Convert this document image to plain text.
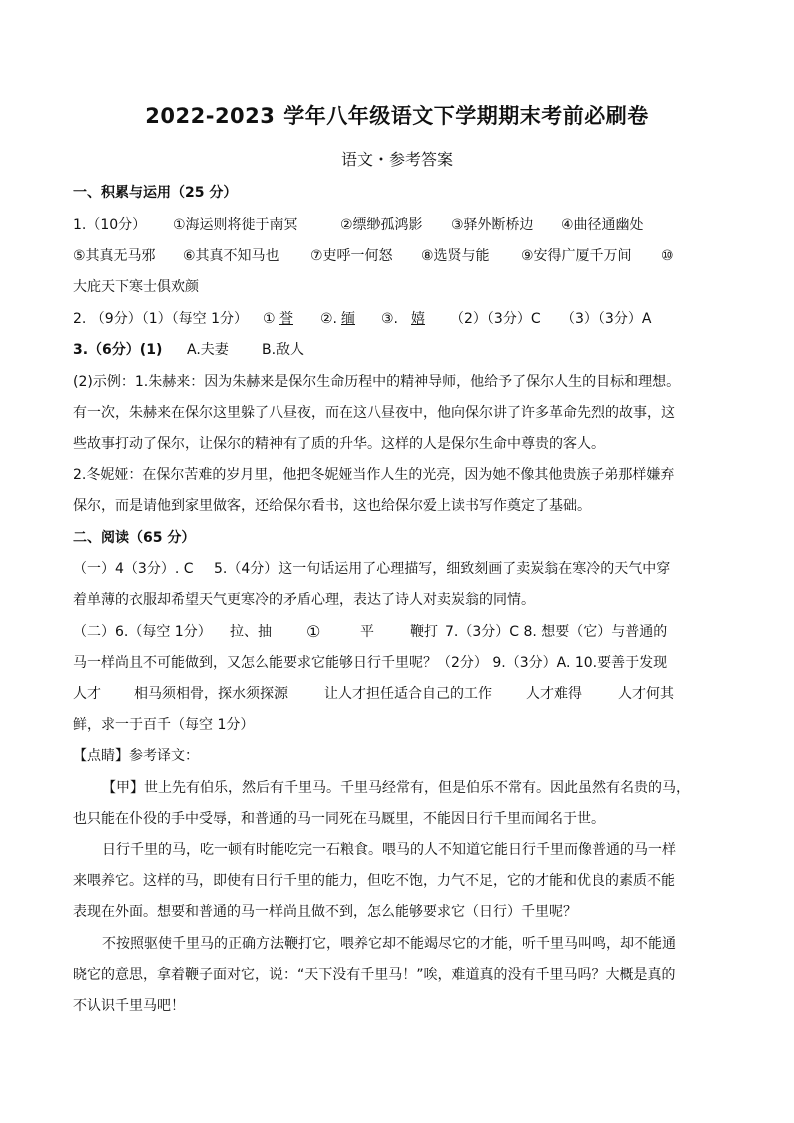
2022-2023 学年八年级语文下学期期末考前必刷卷
语文・参考答案
一、积累与运用（25 分）
1.（10分） ①海运则将徙于南冥	②缥缈孤鸿影 ③驿外断桥边 ④曲径通幽处
⑤其真无马邪 ⑥其真不知马也 ⑦吏呼一何怒 ⑧选贤与能 ⑨安得广厦千万间 ⑩
大庇天下寒士俱欢颜
2. （9分）（1）（每空 1分） ① 誉 ②. 缅 ③. 嬉 （2）（3分）C （3）（3分）A
3.（6分）(1) A.夫妻 B.敌人
(2)示例：1.朱赫来：因为朱赫来是保尔生命历程中的精神导师，他给予了保尔人生的目标和理想。
有一次，朱赫来在保尔这里躲了八昼夜，而在这八昼夜中，他向保尔讲了许多革命先烈的故事，这
些故事打动了保尔，让保尔的精神有了质的升华。这样的人是保尔生命中尊贵的客人。
2.冬妮娅：在保尔苦难的岁月里，他把冬妮娅当作人生的光亮，因为她不像其他贵族子弟那样嫌弃
保尔，而是请他到家里做客，还给保尔看书，这也给保尔爱上读书写作奠定了基础。
二、阅读（65 分）
（一）4（3分）. C 5.（4分）这一句话运用了心理描写，细致刻画了卖炭翁在寒冷的天气中穿
着单薄的衣服却希望天气更寒冷的矛盾心理，表达了诗人对卖炭翁的同情。
（二）6.（每空 1分） 拉、抽 ①	平	鞭打 7.（3分）C 8. 想要（它）与普通的
马一样尚且不可能做到，又怎么能要求它能够日行千里呢？（2分） 9.（3分）A. 10.要善于发现
人才 相马须相骨，探水须探源	让人才担任适合自己的工作 人才难得	人才何其
鲜，求一于百千（每空 1分）
【点睛】参考译文：
【甲】世上先有伯乐，然后有千里马。千里马经常有，但是伯乐不常有。因此虽然有名贵的马，
也只能在仆役的手中受辱，和普通的马一同死在马厩里，不能因日行千里而闻名于世。
日行千里的马，吃一顿有时能吃完一石粮食。喂马的人不知道它能日行千里而像普通的马一样
来喂养它。这样的马，即使有日行千里的能力，但吃不饱，力气不足，它的才能和优良的素质不能
表现在外面。想要和普通的马一样尚且做不到，怎么能够要求它（日行）千里呢？
不按照驱使千里马的正确方法鞭打它，喂养它却不能竭尽它的才能，听千里马叫鸣，却不能通
晓它的意思，拿着鞭子面对它，说：“天下没有千里马！”唉，难道真的没有千里马吗？大概是真的
不认识千里马吧！
